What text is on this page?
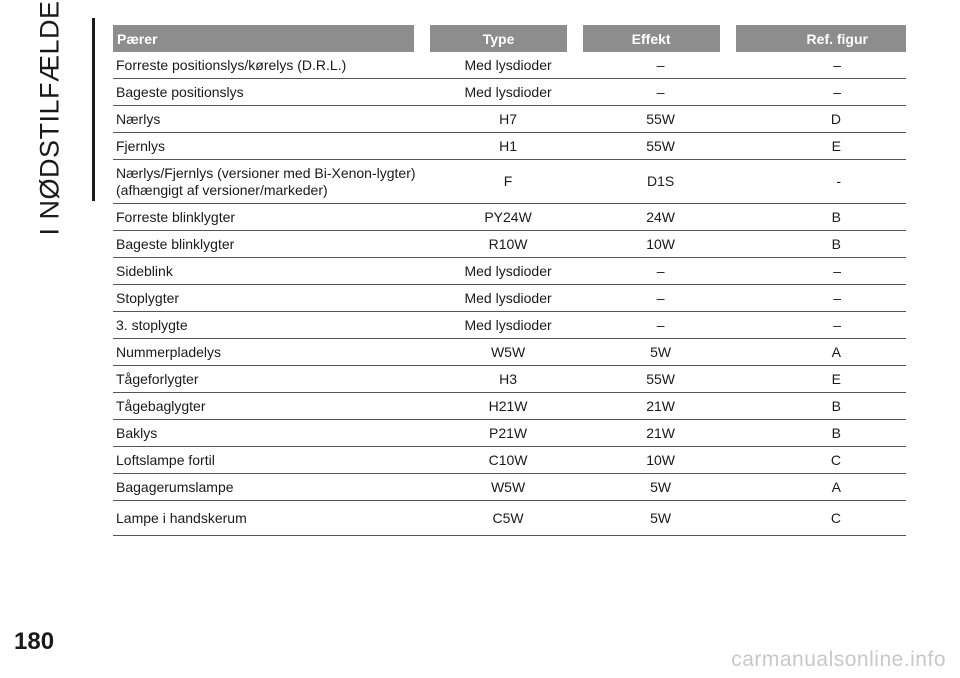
I NØDSTILFÆLDE	Pærer	Type	Effekt	Ref. figur
Forreste positionslys/kørelys (D.R.L.)	Med lysdioder	–	–
Bageste positionslys	Med lysdioder	–	–
Nærlys	H7	55W	D
Fjernlys	H1	55W	E
Nærlys/Fjernlys (versioner med Bi-Xenon-lygter)
(afhængigt af versioner/markeder)	F	D1S	-
Forreste blinklygter	PY24W	24W	B
Bageste blinklygter	R10W	10W	B
Sideblink	Med lysdioder	–	–
Stoplygter	Med lysdioder	–	–
3. stoplygte	Med lysdioder	–	–
Nummerpladelys	W5W	5W	A
Tågeforlygter	H3	55W	E
Tågebaglygter	H21W	21W	B
Baklys	P21W	21W	B
Loftslampe fortil	C10W	10W	C
Bagagerumslampe	W5W	5W	A
Lampe i handskerum	C5W	5W	C
180
carmanualsonline.info
